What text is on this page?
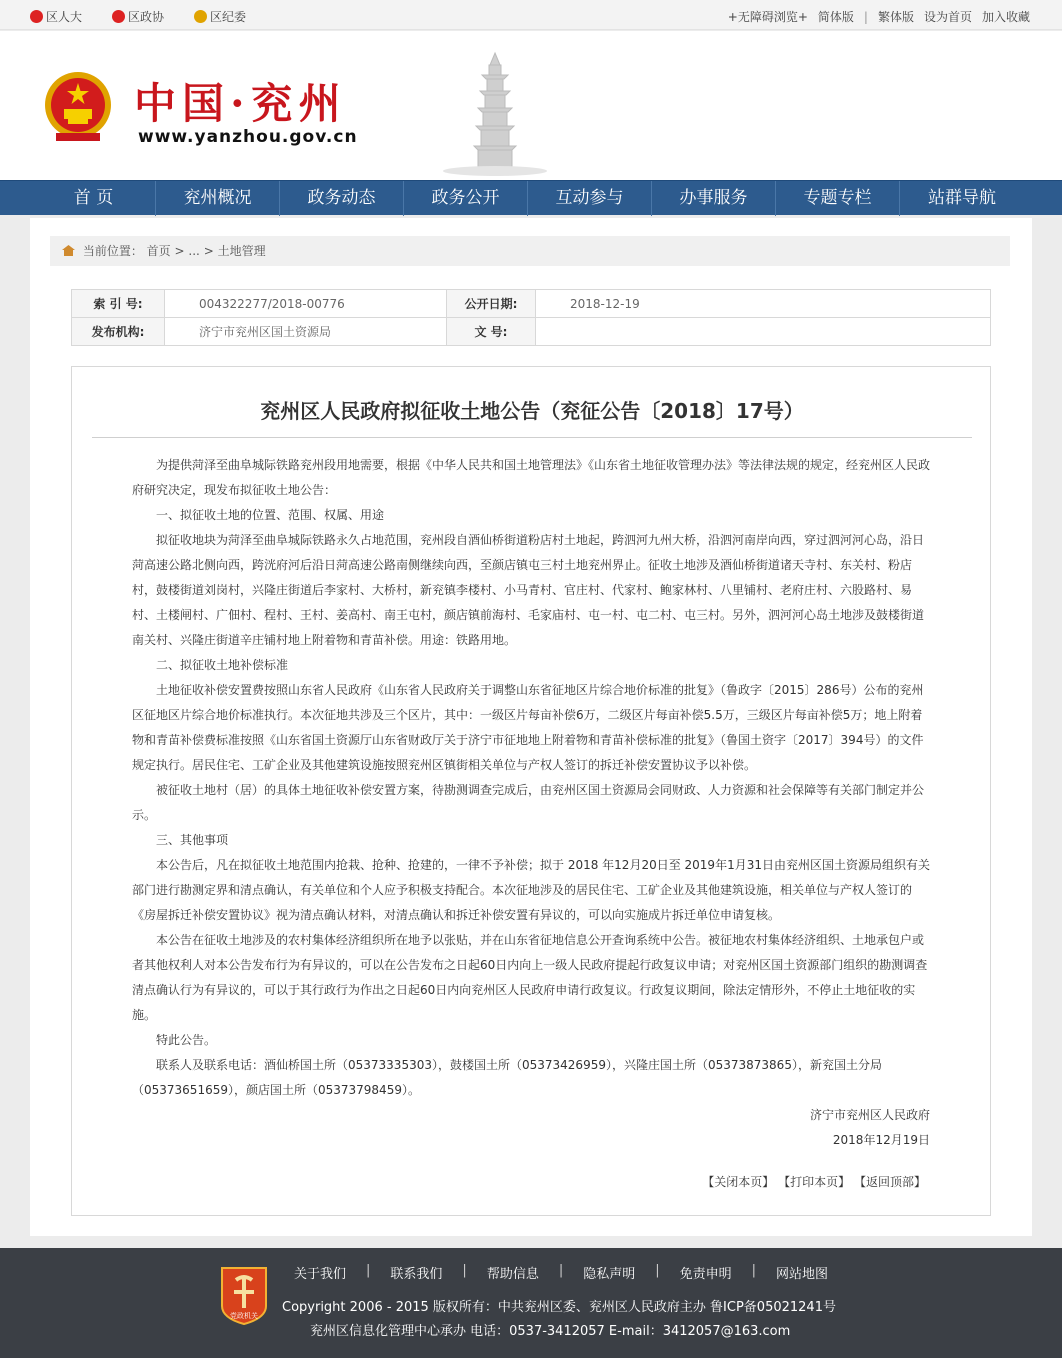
区人大	区政协	区纪委	+无障碍浏览+ 简体版 | 繁体版 设为首页 加入收藏
中国·兖州
www.yanzhou.gov.cn
首 页	兖州概况	政务动态	政务公开	互动参与	办事服务	专题专栏	站群导航
当前位置： 首页 > ... > 土地管理
索 引 号:	004322277/2018-00776	公开日期:	2018-12-19
发布机构:	济宁市兖州区国土资源局	文 号:	
兖州区人民政府拟征收土地公告（兖征公告〔2018〕17号）

为提供菏泽至曲阜城际铁路兖州段用地需要，根据《中华人民共和国土地管理法》《山东省土地征收管理办法》等法律法规的规定，经兖州区人民政府研究决定，现发布拟征收土地公告：

一、拟征收土地的位置、范围、权属、用途

拟征收地块为菏泽至曲阜城际铁路永久占地范围，兖州段自酒仙桥街道粉店村土地起，跨泗河九州大桥，沿泗河南岸向西，穿过泗河河心岛，沿日菏高速公路北侧向西，跨洸府河后沿日菏高速公路南侧继续向西，至颜店镇屯三村土地兖州界止。征收土地涉及酒仙桥街道诸天寺村、东关村、粉店村，鼓楼街道刘岗村，兴隆庄街道后李家村、大桥村，新兖镇李楼村、小马青村、官庄村、代家村、鲍家林村、八里铺村、老府庄村、六股路村、易村、土楼闸村、广佃村、程村、王村、姜高村、南王屯村，颜店镇前海村、毛家庙村、屯一村、屯二村、屯三村。另外，泗河河心岛土地涉及鼓楼街道南关村、兴隆庄街道辛庄铺村地上附着物和青苗补偿。用途：铁路用地。

二、拟征收土地补偿标准

土地征收补偿安置费按照山东省人民政府《山东省人民政府关于调整山东省征地区片综合地价标准的批复》（鲁政字〔2015〕286号）公布的兖州区征地区片综合地价标准执行。本次征地共涉及三个区片，其中：一级区片每亩补偿6万，二级区片每亩补偿5.5万，三级区片每亩补偿5万；地上附着物和青苗补偿费标准按照《山东省国土资源厅山东省财政厅关于济宁市征地地上附着物和青苗补偿标准的批复》（鲁国土资字〔2017〕394号）的文件规定执行。居民住宅、工矿企业及其他建筑设施按照兖州区镇街相关单位与产权人签订的拆迁补偿安置协议予以补偿。

被征收土地村（居）的具体土地征收补偿安置方案，待勘测调查完成后，由兖州区国土资源局会同财政、人力资源和社会保障等有关部门制定并公示。

三、其他事项

本公告后，凡在拟征收土地范围内抢栽、抢种、抢建的，一律不予补偿；拟于 2018 年12月20日至 2019年1月31日由兖州区国土资源局组织有关部门进行勘测定界和清点确认，有关单位和个人应予积极支持配合。本次征地涉及的居民住宅、工矿企业及其他建筑设施，相关单位与产权人签订的《房屋拆迁补偿安置协议》视为清点确认材料，对清点确认和拆迁补偿安置有异议的，可以向实施成片拆迁单位申请复核。

本公告在征收土地涉及的农村集体经济组织所在地予以张贴，并在山东省征地信息公开查询系统中公告。被征地农村集体经济组织、土地承包户或者其他权利人对本公告发布行为有异议的，可以在公告发布之日起60日内向上一级人民政府提起行政复议申请；对兖州区国土资源部门组织的勘测调查清点确认行为有异议的，可以于其行政行为作出之日起60日内向兖州区人民政府申请行政复议。行政复议期间，除法定情形外，不停止土地征收的实施。

特此公告。

联系人及联系电话：酒仙桥国土所（05373335303），鼓楼国土所（05373426959），兴隆庄国土所（05373873865），新兖国土分局（05373651659），颜店国土所（05373798459）。

济宁市兖州区人民政府
2018年12月19日
【关闭本页】 【打印本页】 【返回顶部】
党政机关
关于我们	|	联系我们	|	帮助信息	|	隐私声明	|	免责申明	|	网站地图
Copyright 2006 - 2015 版权所有：中共兖州区委、兖州区人民政府主办 鲁ICP备05021241号
兖州区信息化管理中心承办 电话：0537-3412057 E-mail：3412057@163.com
